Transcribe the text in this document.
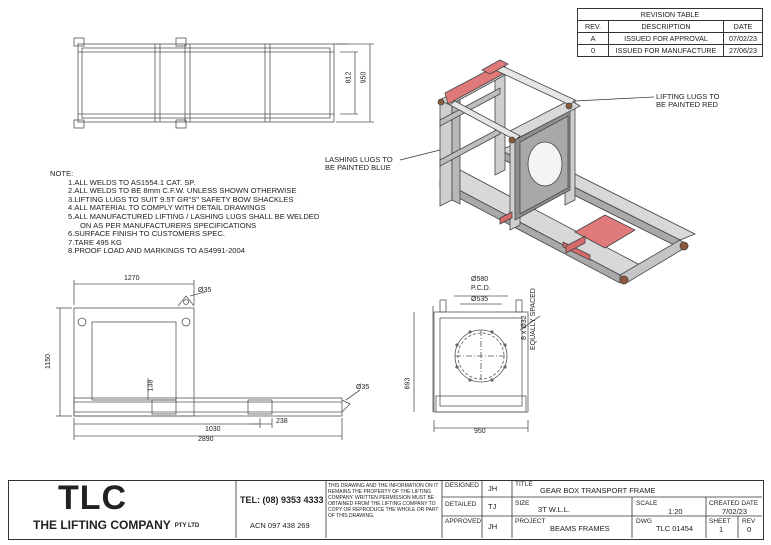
REVISION TABLE		
REV.	DESCRIPTION	DATE
A	ISSUED FOR APPROVAL	07/02/23
0	ISSUED FOR MANUFACTURE	27/06/23
LIFTING LUGS TO
BE PAINTED RED
LASHING LUGS TO
BE PAINTED BLUE
NOTE:
1.ALL WELDS TO AS1554.1 CAT. SP.
2.ALL WELDS TO BE 8mm C.F.W. UNLESS SHOWN OTHERWISE
3.LIFTING LUGS TO SUIT 9.5T GR"S" SAFETY BOW SHACKLES
4.ALL MATERIAL TO COMPLY WITH DETAIL DRAWINGS
5.ALL MANUFACTURED LIFTING / LASHING LUGS SHALL BE WELDED
ON AS PER MANUFACTURERS SPECIFICATIONS
6.SURFACE FINISH TO CUSTOMERS SPEC.
7.TARE 495 KG
8.PROOF LOAD AND MARKINGS TO AS4991-2004
812 950
1270
Ø35
1150
138	Ø35
1030
238
2890
Ø580
P.C.D.
Ø535
8 x Ø32 EQUALLY SPACED
693
950
TLC
THE LIFTING COMPANY PTY LTD
TEL: (08) 9353 4333
ACN 097 438 269
THIS DRAWING AND THE INFORMATION ON IT REMAINS THE PROPERTY OF THE LIFTING COMPANY. WRITTEN PERMISSION MUST BE OBTAINED FROM THE LIFTING COMPANY TO COPY OR REPRODUCE THE WHOLE OR PART OF THIS DRAWING.
DESIGNED JH
DETAILED TJ
APPROVED
JH
TITLE
GEAR BOX TRANSPORT FRAME
SIZE
3T W.L.L.
SCALE
1:20
CREATED DATE
7/02/23
PROJECT
BEAMS FRAMES
DWG
TLC 01454
SHEET
1
REV
0
